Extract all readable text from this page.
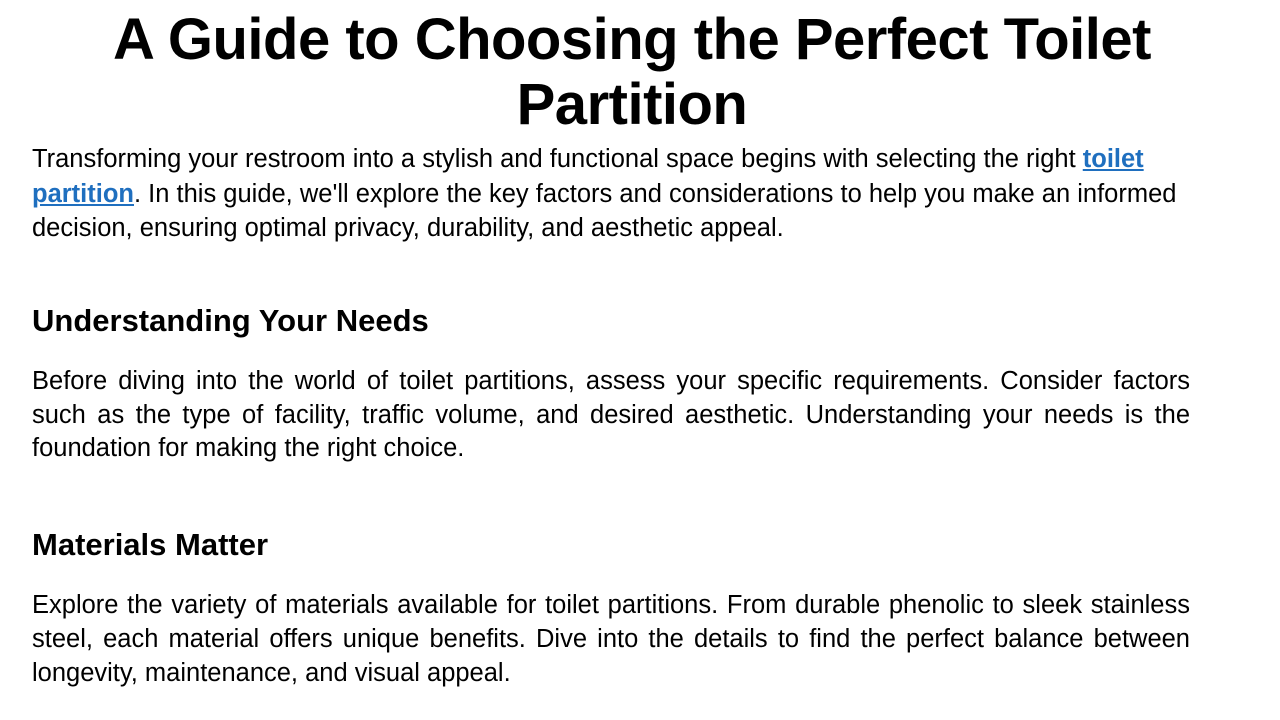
A Guide to Choosing the Perfect Toilet Partition

Transforming your restroom into a stylish and functional space begins with selecting the right toilet partition. In this guide, we'll explore the key factors and considerations to help you make an informed decision, ensuring optimal privacy, durability, and aesthetic appeal.

Understanding Your Needs

Before diving into the world of toilet partitions, assess your specific requirements. Consider factors such as the type of facility, traffic volume, and desired aesthetic. Understanding your needs is the foundation for making the right choice.

Materials Matter

Explore the variety of materials available for toilet partitions. From durable phenolic to sleek stainless steel, each material offers unique benefits. Dive into the details to find the perfect balance between longevity, maintenance, and visual appeal.
